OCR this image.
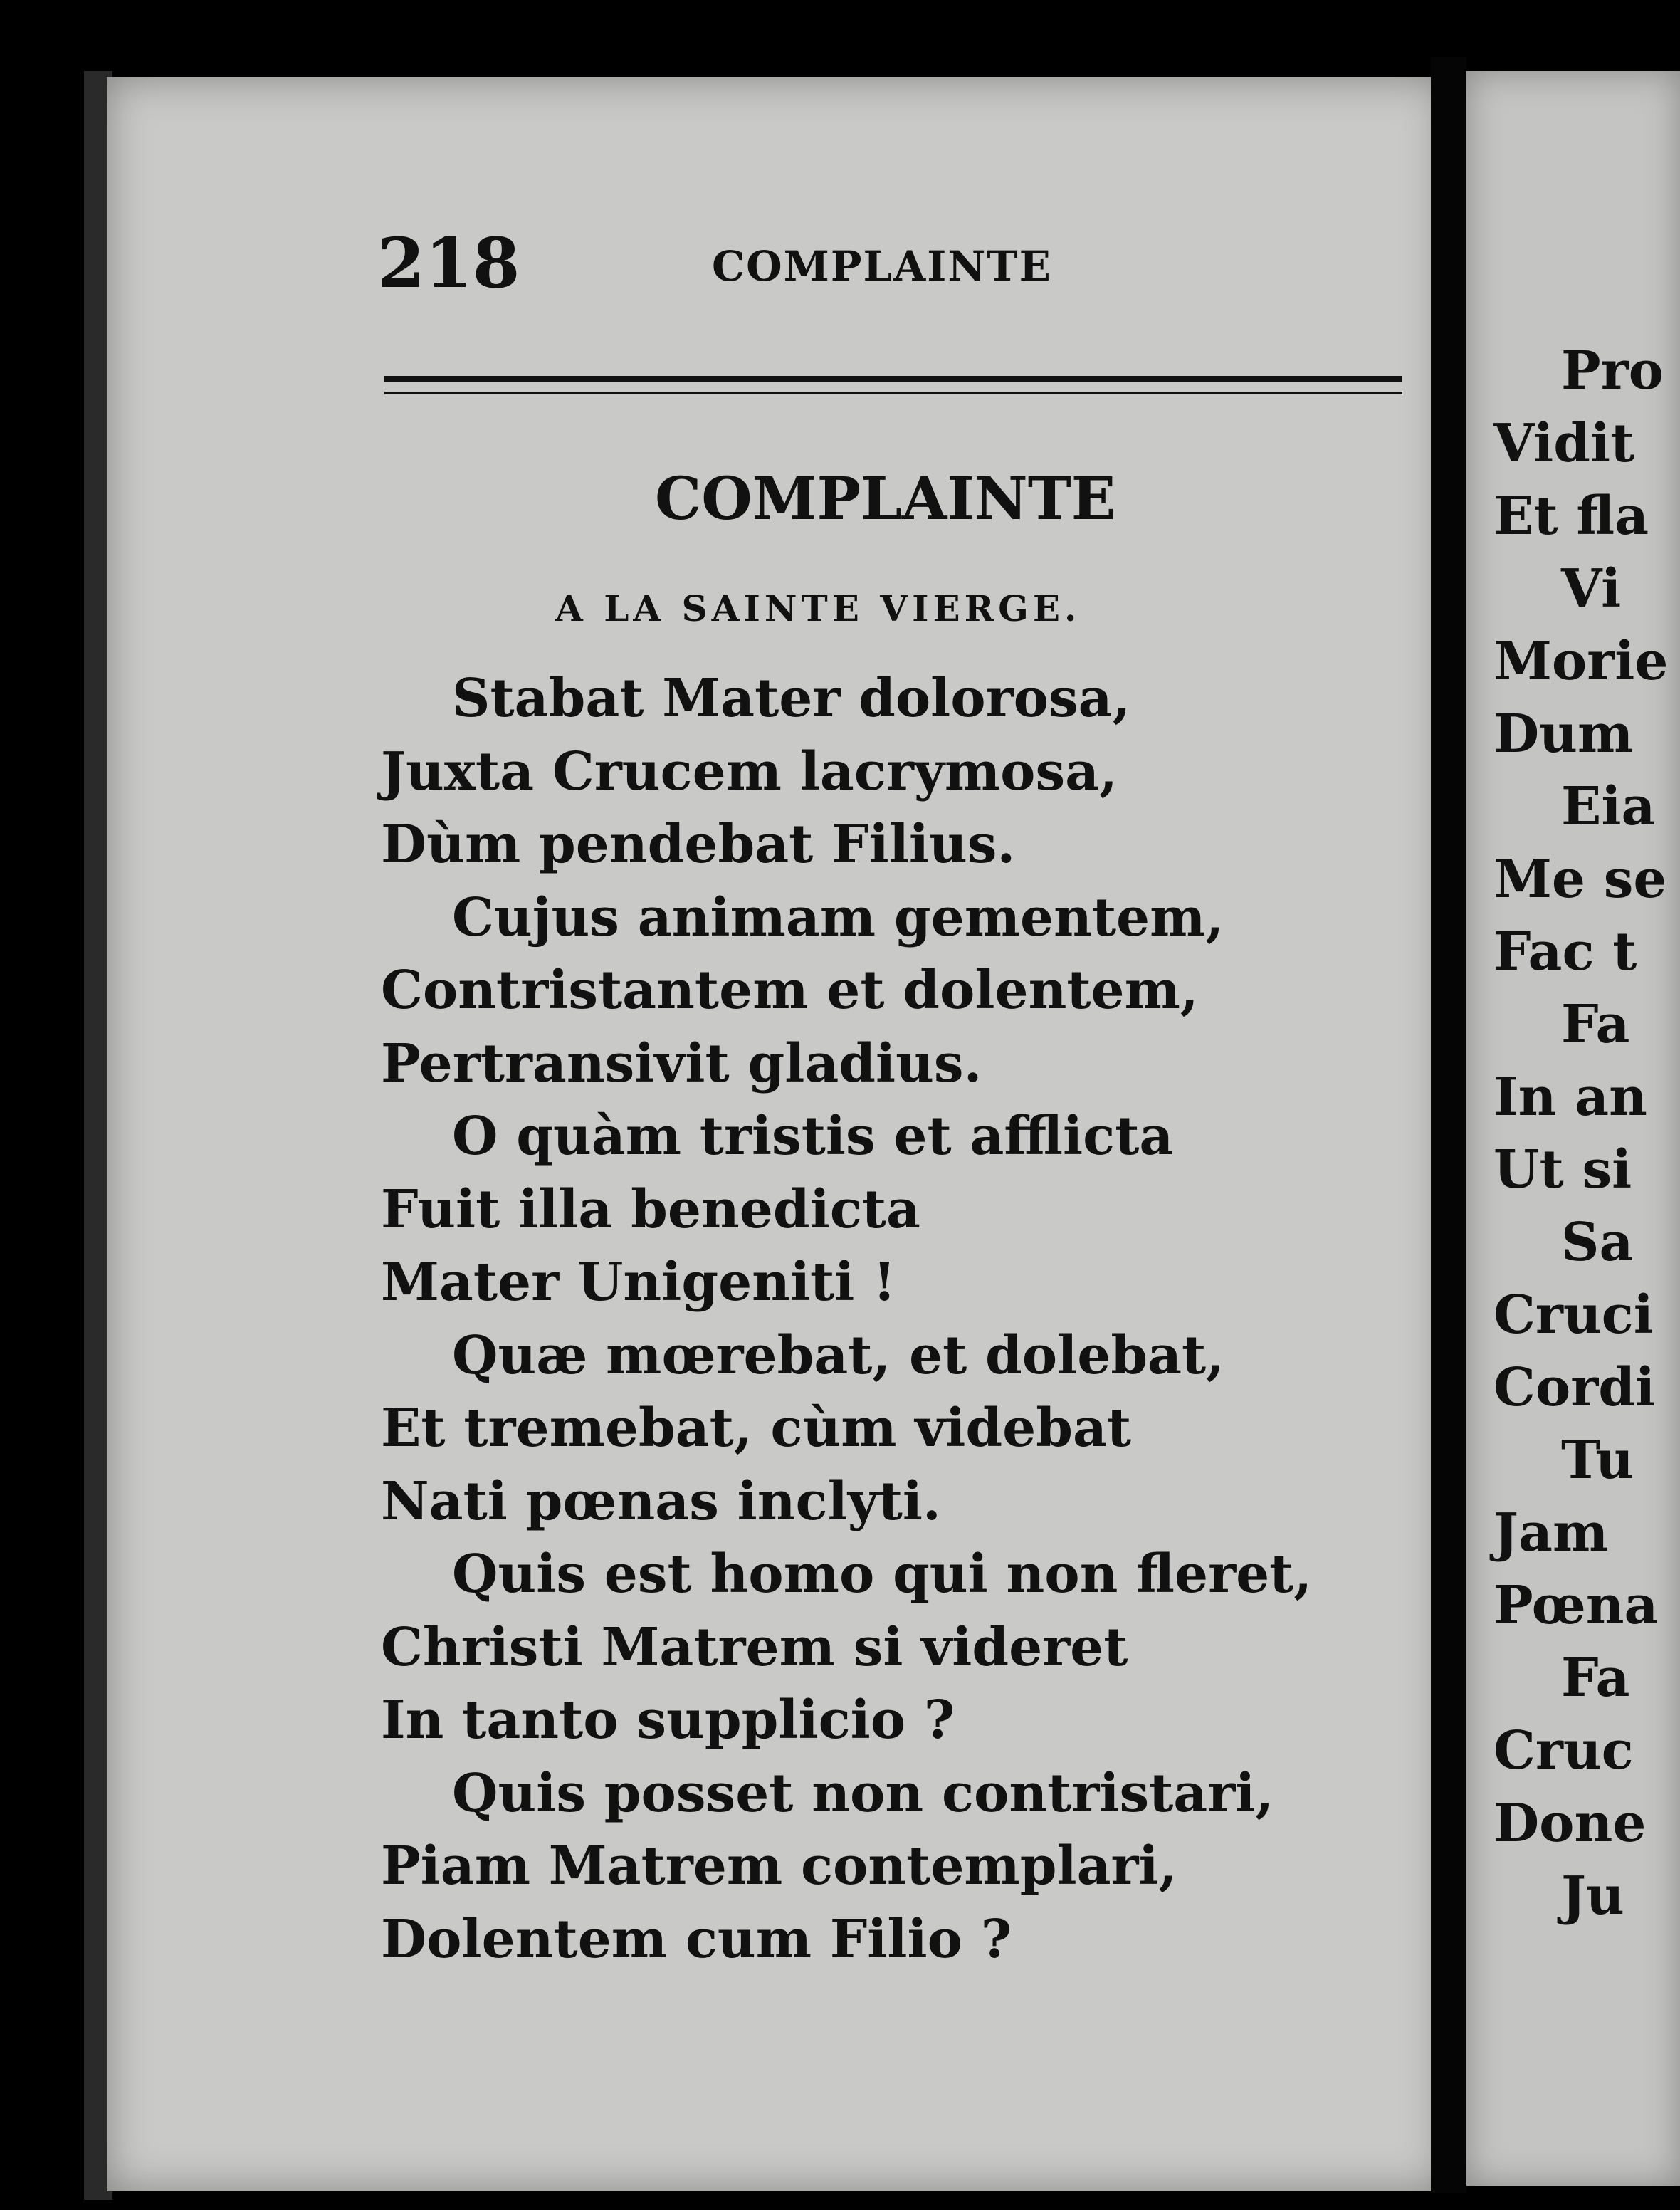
218	COMPLAINTE
COMPLAINTE
A LA SAINTE VIERGE.
Stabat Mater dolorosa,
Juxta Crucem lacrymosa,
Dùm pendebat Filius.
Cujus animam gementem,
Contristantem et dolentem,
Pertransivit gladius.
O quàm tristis et afflicta
Fuit illa benedicta
Mater Unigeniti !
Quæ mœrebat, et dolebat,
Et tremebat, cùm videbat
Nati pœnas inclyti.
Quis est homo qui non fleret,
Christi Matrem si videret
In tanto supplicio ?
Quis posset non contristari,
Piam Matrem contemplari,
Dolentem cum Filio ?
Pro
Vidit
Et fla
Vi
Morie
Dum
Eia
Me se
Fac t
Fa
In an
Ut si
Sa
Cruci
Cordi
Tu
Jam
Pœna
Fa
Cruc
Done
Ju
